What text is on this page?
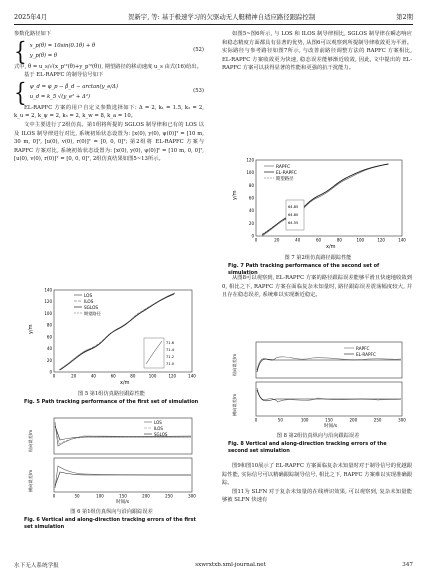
2025年4月	贺新宇, 等: 基于极速学习的欠驱动无人艇精神自适应路径跟踪控制	第2期

参数化路径如下

{ x_p(θ) = 10sin(0.1θ) + θ
y_p(θ) = θ
(52)

式中, θ̇ = u_s/√(x_p'²(θ)+y_p'²(θ)), 期望路径的移动速度 u_s 由式(16)给出。

基于 EL-RAPFC 的制导信号如下

{ ψ_d = φ_p − β_d − arctan(y_e/Δ)
u_d = k_5 √(y_e² + Δ²)
(53)

EL-RAPFC 方案的用户自定义参数选择如下: Δ = 2, k₁ = 1.5, k₂ = 2, k_u = 2, k_ψ = 2, k₃ = 2, k_w = 8, k_a = 10。

文中主要进行了2组仿真。第1组将所提的 SGLOS 制导律和已有的 LOS 以及 ILOS 制导律进行对比, 系统初始状态设置为: [x(0), y(0), ψ(0)]ᵀ = [10 m, 30 m, 0]ᵀ, [u(0), v(0), r(0)]ᵀ = [0, 0, 0]ᵀ; 第2组将 EL-RAPFC 方案与 RAPFC 方案对比, 系统初始状态设置为: [x(0), y(0), ψ(0)]ᵀ = [10 m, 0, 0]ᵀ, [u(0), v(0), r(0)]ᵀ = [0, 0, 0]ᵀ, 2组仿真结果如图5~13所示。

0
20
40
60
80
100
120
140
0	20	40	60	80	100	120	140
y/m
x/m
71.6
71.4
71.2
71.0
LOS
ILOS
SGLOS
期望路径
图 5 第1组仿真路径跟踪性能
Fig. 5 Path tracking performance of the first set of simulation
纵向误差/m
横向误差/m
0	50	100	150	200	250	300
时间/s
LOS
ILOS
SGLOS
图 6 第1组仿真纵向与沿向跟踪误差
Fig. 6 Vertical and along-direction tracking errors of the first set simulation

如图5~图6所示, 与 LOS 和 ILOS 制导律相比, SGLOS 制导律在瞬态响应和稳态精度方面都具有显著的优势, 从图6可以观察到所提制导律收敛更为平滑。实际路径与参考路径如图7所示, 与改善前路径调整方法的 RAPFC 方案相比, EL-RAPFC 方案收敛更为快速, 稳态误差能够渐近收敛, 因此, 文中提出的 EL-RAPFC 方案可以获得显著的性能和更强的抗干扰能力。

0
20
40
60
80
100
120
0	20	40	60	80	100	120	140
y/m
x/m
64.85
64.80
64.55
RAPFC
EL-RAPFC
期望路径
图 7 第2组仿真路径跟踪性能
Fig. 7 Path tracking performance of the second set of simulation

从图8可以观察到, EL-RAPFC 方案的路径跟踪误差能够平滑且快速地收敛到0, 相比之下, RAPFC 方案在面临复杂未知量时, 路径跟踪误差震荡幅度较大, 并且存在稳态误差, 系统难以实现渐近稳定。

纵向误差/m
横向误差/m
0	50	100	150	200	250	300
时间/s
RAPFC
EL-RAPFC
图 8 第2组仿真纵向与沿向跟踪误差
Fig. 8 Vertical and along-direction tracking errors of the second set simulation

图9和图10展示了 EL-RAPFC 方案面临复杂未知量时对于制导信号的优越跟踪性能, 实际信号可以精确跟踪制导信号, 相比之下, RAPFC 方案难以实现准确跟踪。

图11为 SLFN 对于复杂未知量的在线辨识效果, 可以观察到, 复杂未知量能够被 SLFN 快速有

水下无人系统学报	sxwrxtxb.xml-journal.net	347
